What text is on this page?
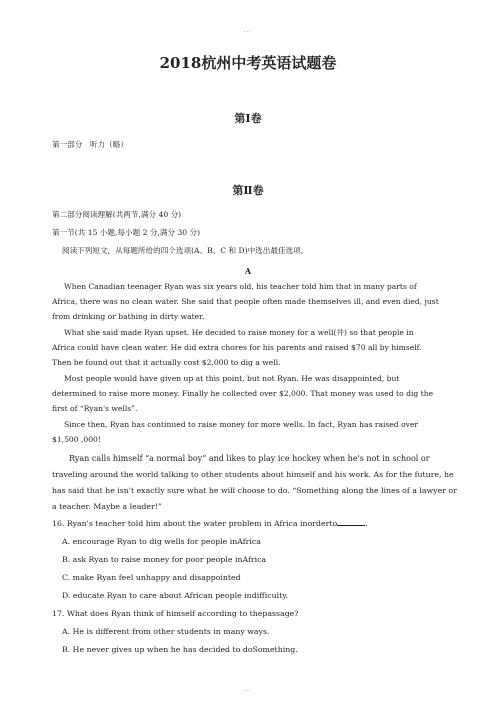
...
2018杭州中考英语试题卷
第Ⅰ卷
第一部分　听力（略）
第Ⅱ卷
第二部分阅读理解(共两节,满分 40 分)
第一节(共 15 小题,每小题 2 分,满分 30 分)
阅读下列短文，从每题所给的四个选项(A、B、C 和 D)中选出最佳选项。
A
When Canadian teenager Ryan was six years old, his teacher told him that in many parts of
Africa, there was no clean water. She said that people often made themselves ill, and even died, just
from drinking or bathing in dirty water.
What she said made Ryan upset. He decided to raise money for a well(井) so that people in
Africa could have clean water. He did extra chores for his parents and raised $70 all by himself.
Then he found out that it actually cost $2,000 to dig a well.
Most people would have given up at this point, but not Ryan. He was disappointed, but
determined to raise more money. Finally he collected over $2,000. That money was used to dig the
first of “Ryan's wells”.
Since then, Ryan has continued to raise money for more wells. In fact, Ryan has raised over
$1,500 ,000!
Ryan calls himself “a normal boy” and likes to play ice hockey when he's not in school or
traveling around the world talking to other students about himself and his work. As for the future, he
has said that he isn't exactly sure what he will choose to do. “Something along the lines of a lawyer or
a teacher. Maybe a leader!”
16. Ryan's teacher told him about the water problem in Africa inorderto	.
A. encourage Ryan to dig wells for people inAfrica
B. ask Ryan to raise money for poor people inAfrica
C. make Ryan feel unhappy and disappointed
D. educate Ryan to care about African people indifficulty.
17. What does Ryan think of himself according to thepassage?
A. He is different from other students in many ways.
B. He never gives up when he has decided to doSomething.
...
